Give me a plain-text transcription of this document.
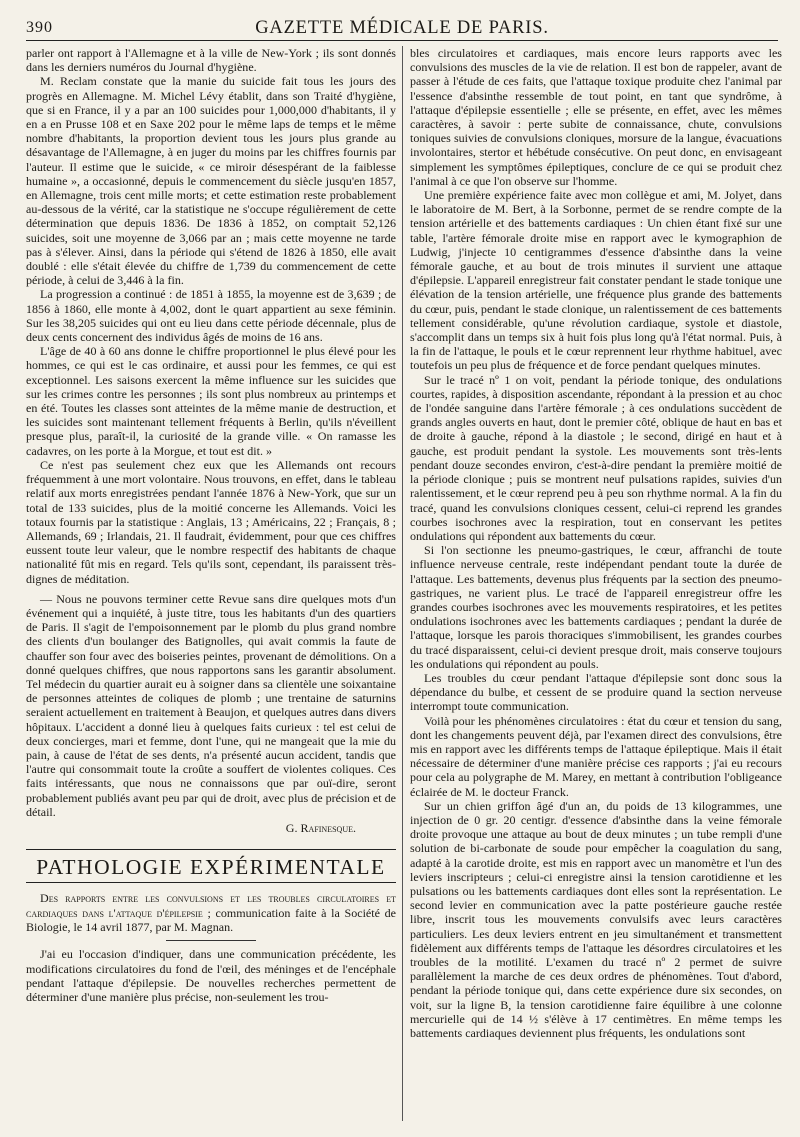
390	GAZETTE MÉDICALE DE PARIS.

parler ont rapport à l'Allemagne et à la ville de New-York ; ils sont donnés dans les derniers numéros du Journal d'hygiène.

M. Reclam constate que la manie du suicide fait tous les jours des progrès en Allemagne. M. Michel Lévy établit, dans son Traité d'hygiène, que si en France, il y a par an 100 suicides pour 1,000,000 d'habitants, il y en a en Prusse 108 et en Saxe 202 pour le même laps de temps et le même nombre d'habitants, la proportion devient tous les jours plus grande au désavantage de l'Allemagne, à en juger du moins par les chiffres fournis par l'auteur. Il estime que le suicide, « ce miroir désespérant de la faiblesse humaine », a occasionné, depuis le commencement du siècle jusqu'en 1857, en Allemagne, trois cent mille morts; et cette estimation reste probablement au-dessous de la vérité, car la statistique ne s'occupe régulièrement de cette détermination que depuis 1836. De 1836 à 1852, on comptait 52,126 suicides, soit une moyenne de 3,066 par an ; mais cette moyenne ne tarde pas à s'élever. Ainsi, dans la période qui s'étend de 1826 à 1850, elle avait doublé : elle s'était élevée du chiffre de 1,739 du commencement de cette période, à celui de 3,446 à la fin.

La progression a continué : de 1851 à 1855, la moyenne est de 3,639 ; de 1856 à 1860, elle monte à 4,002, dont le quart appartient au sexe féminin. Sur les 38,205 suicides qui ont eu lieu dans cette période décennale, plus de deux cents concernent des individus âgés de moins de 16 ans.

L'âge de 40 à 60 ans donne le chiffre proportionnel le plus élevé pour les hommes, ce qui est le cas ordinaire, et aussi pour les femmes, ce qui est exceptionnel. Les saisons exercent la même influence sur les suicides que sur les crimes contre les personnes ; ils sont plus nombreux au printemps et en été. Toutes les classes sont atteintes de la même manie de destruction, et les suicides sont maintenant tellement fréquents à Berlin, qu'ils n'éveillent presque plus, paraît-il, la curiosité de la grande ville. « On ramasse les cadavres, on les porte à la Morgue, et tout est dit. »

Ce n'est pas seulement chez eux que les Allemands ont recours fréquemment à une mort volontaire. Nous trouvons, en effet, dans le tableau relatif aux morts enregistrées pendant l'année 1876 à New-York, que sur un total de 133 suicides, plus de la moitié concerne les Allemands. Voici les totaux fournis par la statistique : Anglais, 13 ; Américains, 22 ; Français, 8 ; Allemands, 69 ; Irlandais, 21. Il faudrait, évidemment, pour que ces chiffres eussent toute leur valeur, que le nombre respectif des habitants de chaque nationalité fût mis en regard. Tels qu'ils sont, cependant, ils paraissent très-dignes de méditation.

— Nous ne pouvons terminer cette Revue sans dire quelques mots d'un événement qui a inquiété, à juste titre, tous les habitants d'un des quartiers de Paris. Il s'agit de l'empoisonnement par le plomb du plus grand nombre des clients d'un boulanger des Batignolles, qui avait commis la faute de chauffer son four avec des boiseries peintes, provenant de démolitions. On a donné quelques chiffres, que nous rapportons sans les garantir absolument. Tel médecin du quartier aurait eu à soigner dans sa clientèle une soixantaine de personnes atteintes de coliques de plomb ; une trentaine de saturnins seraient actuellement en traitement à Beaujon, et quelques autres dans divers hôpitaux. L'accident a donné lieu à quelques faits curieux : tel est celui de deux concierges, mari et femme, dont l'une, qui ne mangeait que la mie du pain, à cause de l'état de ses dents, n'a présenté aucun accident, tandis que l'autre qui consommait toute la croûte a souffert de violentes coliques. Ces faits intéressants, que nous ne connaissons que par ouï-dire, seront probablement publiés avant peu par qui de droit, avec plus de précision et de détail.

G. Rafinesque.
PATHOLOGIE EXPÉRIMENTALE
Des rapports entre les convulsions et les troubles circulatoires et cardiaques dans l'attaque d'épilepsie ; communication faite à la Société de Biologie, le 14 avril 1877, par M. Magnan.

J'ai eu l'occasion d'indiquer, dans une communication précédente, les modifications circulatoires du fond de l'œil, des méninges et de l'encéphale pendant l'attaque d'épilepsie. De nouvelles recherches permettent de déterminer d'une manière plus précise, non-seulement les trou-

bles circulatoires et cardiaques, mais encore leurs rapports avec les convulsions des muscles de la vie de relation. Il est bon de rappeler, avant de passer à l'étude de ces faits, que l'attaque toxique produite chez l'animal par l'essence d'absinthe ressemble de tout point, en tant que syndrôme, à l'attaque d'épilepsie essentielle ; elle se présente, en effet, avec les mêmes caractères, à savoir : perte subite de connaissance, chute, convulsions toniques suivies de convulsions cloniques, morsure de la langue, évacuations involontaires, stertor et hébétude consécutive. On peut donc, en envisageant simplement les symptômes épileptiques, conclure de ce qui se produit chez l'animal à ce que l'on observe sur l'homme.

Une première expérience faite avec mon collègue et ami, M. Jolyet, dans le laboratoire de M. Bert, à la Sorbonne, permet de se rendre compte de la tension artérielle et des battements cardiaques : Un chien étant fixé sur une table, l'artère fémorale droite mise en rapport avec le kymographion de Ludwig, j'injecte 10 centigrammes d'essence d'absinthe dans la veine fémorale gauche, et au bout de trois minutes il survient une attaque d'épilepsie. L'appareil enregistreur fait constater pendant le stade tonique une élévation de la tension artérielle, une fréquence plus grande des battements du cœur, puis, pendant le stade clonique, un ralentissement de ces battements tellement considérable, qu'une révolution cardiaque, systole et diastole, s'accomplit dans un temps six à huit fois plus long qu'à l'état normal. Puis, à la fin de l'attaque, le pouls et le cœur reprennent leur rhythme habituel, avec toutefois un peu plus de fréquence et de force pendant quelques minutes.

Sur le tracé nº 1 on voit, pendant la période tonique, des ondulations courtes, rapides, à disposition ascendante, répondant à la pression et au choc de l'ondée sanguine dans l'artère fémorale ; à ces ondulations succèdent de grands angles ouverts en haut, dont le premier côté, oblique de haut en bas et de droite à gauche, répond à la diastole ; le second, dirigé en haut et à gauche, est produit pendant la systole. Les mouvements sont très-lents pendant douze secondes environ, c'est-à-dire pendant la première moitié de la période clonique ; puis se montrent neuf pulsations rapides, suivies d'un ralentissement, et le cœur reprend peu à peu son rhythme normal. A la fin du tracé, quand les convulsions cloniques cessent, celui-ci reprend les grandes courbes isochrones avec la respiration, tout en conservant les petites ondulations qui répondent aux battements du cœur.

Si l'on sectionne les pneumo-gastriques, le cœur, affranchi de toute influence nerveuse centrale, reste indépendant pendant toute la durée de l'attaque. Les battements, devenus plus fréquents par la section des pneumo-gastriques, ne varient plus. Le tracé de l'appareil enregistreur offre les grandes courbes isochrones avec les mouvements respiratoires, et les petites ondulations isochrones avec les battements cardiaques ; pendant la durée de l'attaque, lorsque les parois thoraciques s'immobilisent, les grandes courbes du tracé disparaissent, celui-ci devient presque droit, mais conserve toujours les ondulations qui répondent au pouls.

Les troubles du cœur pendant l'attaque d'épilepsie sont donc sous la dépendance du bulbe, et cessent de se produire quand la section nerveuse interrompt toute communication.

Voilà pour les phénomènes circulatoires : état du cœur et tension du sang, dont les changements peuvent déjà, par l'examen direct des convulsions, être mis en rapport avec les différents temps de l'attaque épileptique. Mais il était nécessaire de déterminer d'une manière précise ces rapports ; j'ai eu recours pour cela au polygraphe de M. Marey, en mettant à contribution l'obligeance éclairée de M. le docteur Franck.

Sur un chien griffon âgé d'un an, du poids de 13 kilogrammes, une injection de 0 gr. 20 centigr. d'essence d'absinthe dans la veine fémorale droite provoque une attaque au bout de deux minutes ; un tube rempli d'une solution de bi-carbonate de soude pour empêcher la coagulation du sang, adapté à la carotide droite, est mis en rapport avec un manomètre et l'un des leviers inscripteurs ; celui-ci enregistre ainsi la tension carotidienne et les pulsations ou les battements cardiaques dont elles sont la représentation. Le second levier en communication avec la patte postérieure gauche restée libre, inscrit tous les mouvements convulsifs avec leurs caractères particuliers. Les deux leviers entrent en jeu simultanément et transmettent fidèlement aux différents temps de l'attaque les désordres circulatoires et les troubles de la motilité. L'examen du tracé nº 2 permet de suivre parallèlement la marche de ces deux ordres de phénomènes. Tout d'abord, pendant la période tonique qui, dans cette expérience dure six secondes, on voit, sur la ligne B, la tension carotidienne faire équilibre à une colonne mercurielle qui de 14 ½ s'élève à 17 centimètres. En même temps les battements cardiaques deviennent plus fréquents, les ondulations sont
